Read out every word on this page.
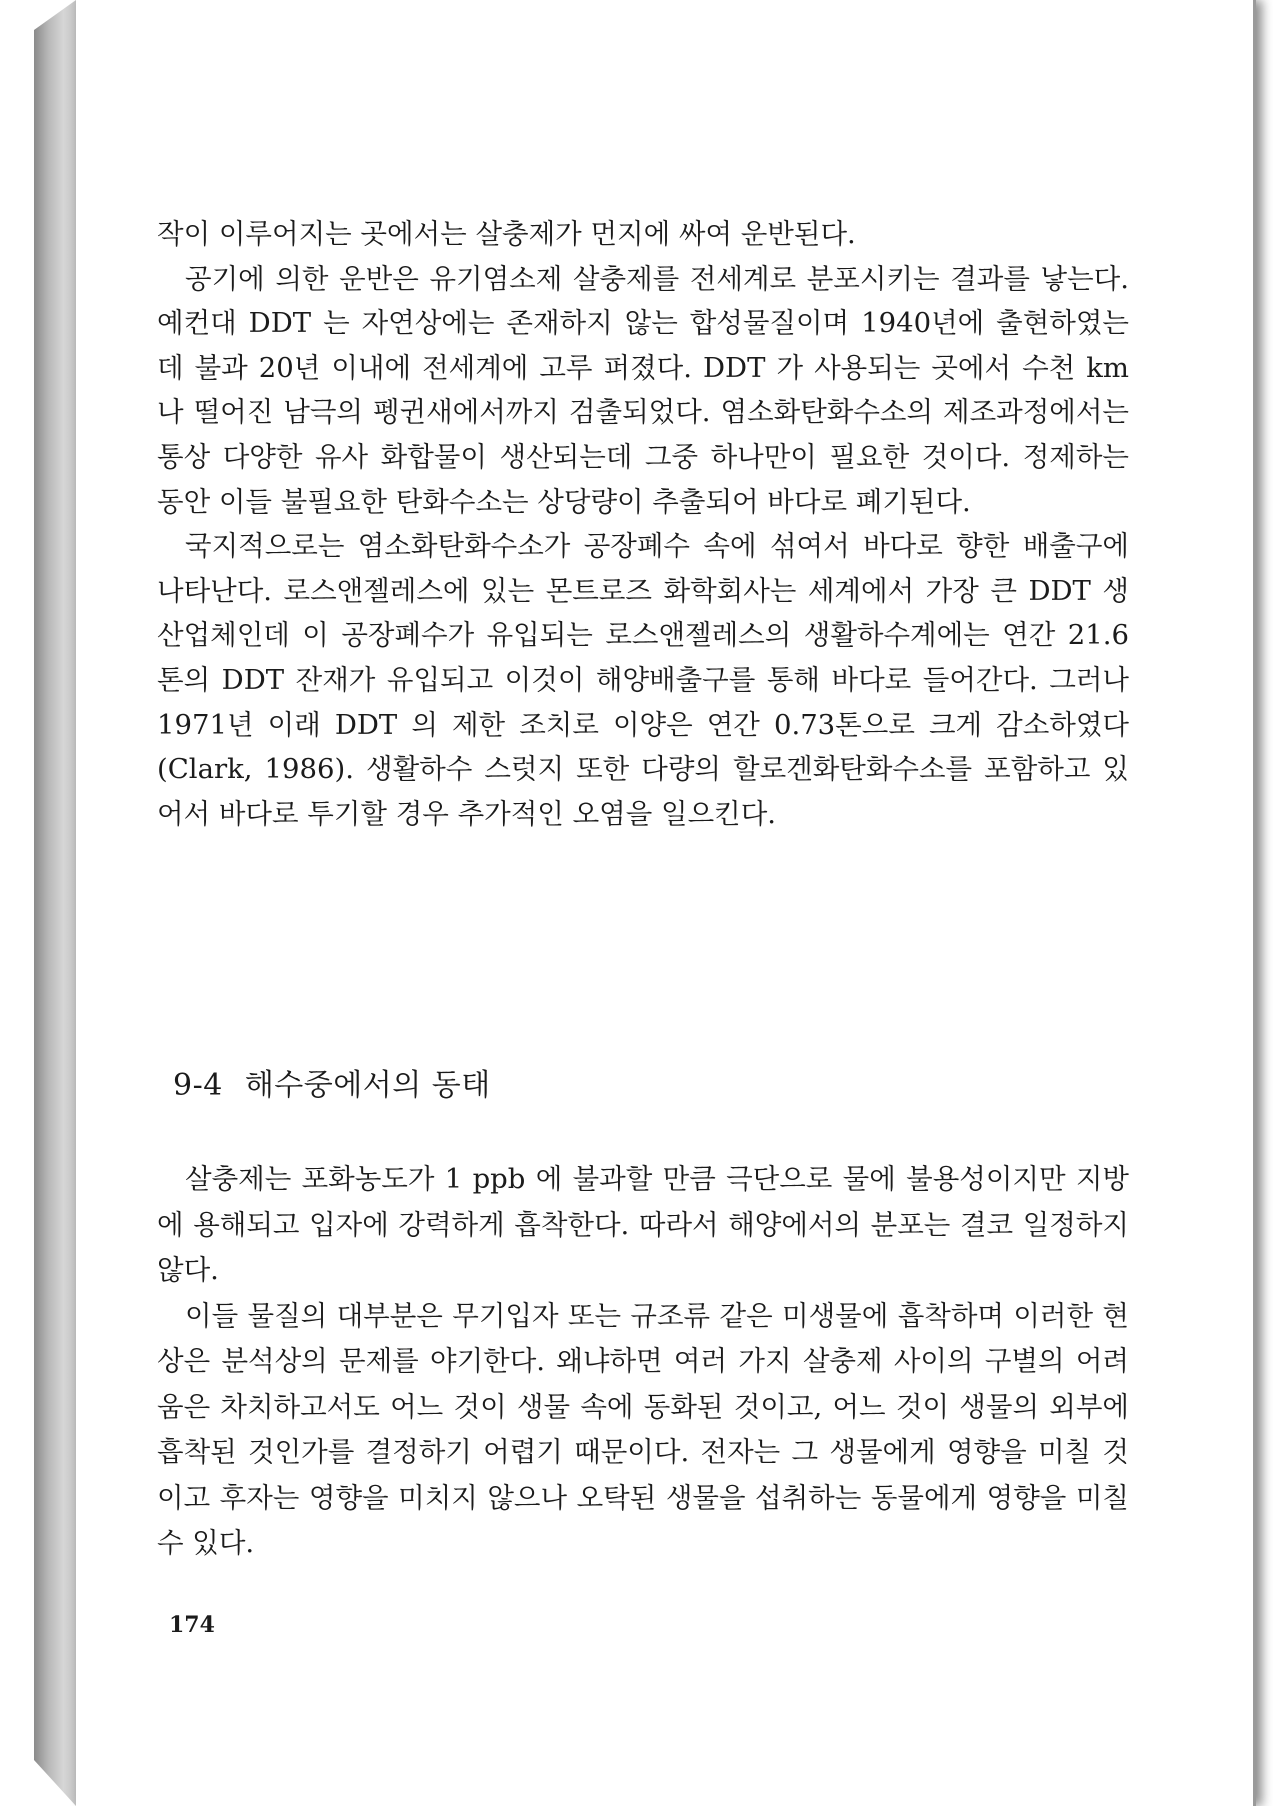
작이 이루어지는 곳에서는 살충제가 먼지에 싸여 운반된다.

공기에 의한 운반은 유기염소제 살충제를 전세계로 분포시키는 결과를 낳는다. 예컨대 DDT 는 자연상에는 존재하지 않는 합성물질이며 1940년에 출현하였는데 불과 20년 이내에 전세계에 고루 퍼졌다. DDT 가 사용되는 곳에서 수천 km 나 떨어진 남극의 펭귄새에서까지 검출되었다. 염소화탄화수소의 제조과정에서는 통상 다양한 유사 화합물이 생산되는데 그중 하나만이 필요한 것이다. 정제하는 동안 이들 불필요한 탄화수소는 상당량이 추출되어 바다로 폐기된다.

국지적으로는 염소화탄화수소가 공장폐수 속에 섞여서 바다로 향한 배출구에 나타난다. 로스앤젤레스에 있는 몬트로즈 화학회사는 세계에서 가장 큰 DDT 생산업체인데 이 공장폐수가 유입되는 로스앤젤레스의 생활하수계에는 연간 21.6톤의 DDT 잔재가 유입되고 이것이 해양배출구를 통해 바다로 들어간다. 그러나 1971년 이래 DDT 의 제한 조치로 이양은 연간 0.73톤으로 크게 감소하였다(Clark, 1986). 생활하수 스럿지 또한 다량의 할로겐화탄화수소를 포함하고 있어서 바다로 투기할 경우 추가적인 오염을 일으킨다.

9-4 해수중에서의 동태

살충제는 포화농도가 1 ppb 에 불과할 만큼 극단으로 물에 불용성이지만 지방에 용해되고 입자에 강력하게 흡착한다. 따라서 해양에서의 분포는 결코 일정하지 않다.

이들 물질의 대부분은 무기입자 또는 규조류 같은 미생물에 흡착하며 이러한 현상은 분석상의 문제를 야기한다. 왜냐하면 여러 가지 살충제 사이의 구별의 어려움은 차치하고서도 어느 것이 생물 속에 동화된 것이고, 어느 것이 생물의 외부에 흡착된 것인가를 결정하기 어렵기 때문이다. 전자는 그 생물에게 영향을 미칠 것이고 후자는 영향을 미치지 않으나 오탁된 생물을 섭취하는 동물에게 영향을 미칠 수 있다.

174
